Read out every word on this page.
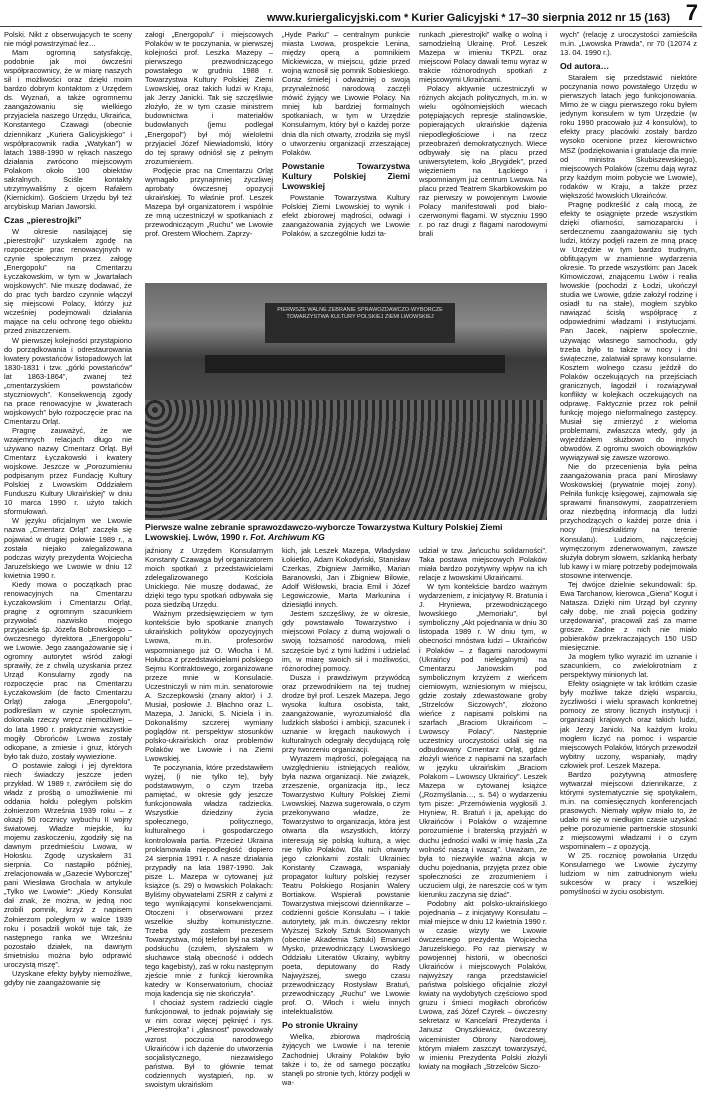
www.kuriergalicyjski.com * Kurier Galicyjski * 17–30 sierpnia 2012 nr 15 (163) 7

Polski. Nikt z obserwujących te sceny nie mógł powstrzymać łez…

Mam ogromną satysfakcję, podobnie jak moi ówcześni współpracownicy, że w miarę naszych sił i możliwości oraz dzięki moim bardzo dobrym kontaktom z Urzędem ds. Wyznań, a także ogromnemu zaangażowaniu się wielkiego przyjaciela naszego Urzędu, Ukraińca, Konstantego Czawagi (obecnie dziennikarz „Kuriera Galicyjskiego” i współpracownik radia „Watykan”) w latach 1988-1990 w rękach naszego działania zwrócono miejscowym Polakom około 100 obiektów sakralnych. Sciśle kontakty utrzymywaliśmy z ojcem Rafałem (Kiernickim). Gościem Urzędu był też arcybiskup Marian Jaworski.

Czas „pierestrojki”

W okresie nasilającej się „pierestrojki” uzyskałem zgodę na rozpoczęcie prac renowacyjnych w czynie społecznym przez załogę „Energopolu” na Cmentarzu Łyczakowskim, w tym w „kwartałach wojskowych”. Nie muszę dodawać, że do prac tych bardzo czynnie włączył się miejscowi Polacy, którzy już wcześniej podejmowali działania mające na celu ochronę tego obiektu przed zniszczeniem.

W pierwszej kolejności przystąpiono do porządkowania i odrestaurowania kwatery powstańców listopadowych lat 1830-1831 i tzw. „górki powstańców” lat 1863-1864”, zwanej też „cmentarzyskiem powstańców styczniowych”. Konsekwencją zgody na prace renowacyjne w „kwaterach wojskowych” było rozpoczęcie prac na Cmentarzu Orląt.

Pragnę zauważyć, że we wzajemnych relacjach długo nie używano nazwy Cmentarz Orląt. Był Cmentarz Łyczakowski i kwatery wojskowe. Jeszcze w „Porozumieniu podpisanym przez Fundację Kultury Polskiej z Lwowskim Oddziałem Funduszu Kultury Ukraińskiej” w dniu 10 marca 1990 r. użyto takich sformułowań.

W języku oficjalnym we Lwowie nazwa „Cmentarz Orląt” zaczęła się pojawiać w drugiej połowie 1989 r., a została niejako zalegalizowana podczas wizyty prezydenta Wojciecha Jaruzelskiego we Lwowie w dniu 12 kwietnia 1990 r.

Kiedy mowa o początkach prac renowacyjnych na Cmentarzu Łyczakowskim i Cmentarzu Orląt, pragnę z ogromnym szacunkiem przywołać nazwisko mojego przyjaciela śp. Józefa Bobrowskiego – ówczesnego dyrektora „Energopolu” we Lwowie. Jego zaangażowanie się i ogromny autorytet wśród załogi sprawiły, że z chwilą uzyskania przez Urząd Konsularny zgody na rozpoczęcie prac na Cmentarzu Łyczakowskim (de facto Cmentarzu Orląt) załoga „Energopolu”, podkreślam w czynie społecznym, dokonała rzeczy wręcz niemożliwej – do lata 1990 r. praktycznie wszystkie mogiły Obrońców Lwowa zostały odkopane, a zmiesie i gruz, których było tak dużo, zostały wywiezione.

O postawie załogi i jej dyrektora niech świadczy jeszcze jeden przykład. W 1989 r. zwróciłem się do władz z prośbą o umożliwienie mi oddania hołdu poległym polskim żołnierzom Września 1939 roku – z okazji 50 rocznicy wybuchu II wojny światowej. Władze miejskie, ku mojemu zaskoczeniu, zgodziły się na dawnym przedmieściu Lwowa, w Hołosku. Zgodę uzyskałem 31 sierpnia. Co nastąpiło później, zrelacjonowała w „Gazecie Wyborczej” pani Wiesława Grochala w artykule „Tylko we Lwowie”: „Kiedy Konsulat dał znak, że można, w jedną noc zrobili pomnik, krzyż z napisem Żołnierzom poległym w walce 1939 roku i posadzili wokół tuje tak, że następnego ranka we Wrześniu pozostało działek, na dawnym śmietnisku można było odprawić uroczystą mszę”.

Uzyskane efekty byłyby niemożliwe, gdyby nie zaangażowanie się

załogi „Energopolu” i miejscowych Polaków w te poczynania, w pierwszej kolejności prof. Leszka Mazepy – pierwszego prezwodniczącego powstałego w grudniu 1988 r. Towarzystwa Kultury Polskiej Ziemi Lwowskiej, oraz takich ludzi w Kraju, jak Jerzy Janicki. Tak się szczęśliwie złożyło, że w tym czasie ministrem budownictwa i materiałów budowlanych (jemu podlegał „Energopol”) był mój wieloletni przyjaciel Józef Niewiadomski, który do tej sprawy odniósł się z pełnym zrozumieniem.

Podjęcie prac na Cmentarzu Orląt wymagało przynajmniej życzliwej aprobaty ówczesnej opozycji ukraińskiej. To właśnie prof. Leszek Mazepa był organizatorem i wspólnie ze mną uczestniczył w spotkaniach z przewodniczącym „Ruchu” we Lwowie prof. Orestem Włochem. Zaprzy-

„Hyde Parku” – centralnym punkcie miasta Lwowa, prospekcie Lenina, między operą a pomnikiem Mickiewicza, w miejscu, gdzie przed wojną wznosił się pomnik Sobieskiego. Coraz śmielej i odważniej o swoją przynależność narodową zaczęli mówić żyjący we Lwowie Polacy. Na mniej lub bardziej formalnych spotkaniach, w tym w Urzędzie Konsularnym, który był o każdej porze dnia dla nich otwarty, zrodziła się myśl o utworzeniu organizacji zrzeszającej Polaków.

Powstanie Towarzystwa Kultury Polskiej Ziemi Lwowskiej

Powstanie Towarzystwa Kultury Polskiej Ziemi Lwowskiej to wynik i efekt zbiorowej mądrości, odwagi i zaangażowania żyjących we Lwowie Polaków, a szczególnie ludzi ta-

runkach „pierestrojki” walkę o wolną i samodzielną Ukrainę. Prof. Leszek Mazepa w imieniu TKPZL oraz miejscowi Polacy dawali temu wyraz w trakcie różnorodnych spotkań z miejscowymi Ukraińcami.

Polacy aktywnie uczestniczyli w różnych akcjach politycznych, m.in. w wielu ogólnomiejskich wiecach potępiających represje stalinowskie, popierających ukraińskie dążenia niepodległościowe i na rzecz przeobrażeń demokratycznych. Wiece odbywały się na placu przed uniwersytetem, koło „Brygidek”, przed więzieniem na Łąckiego i wspomnianym już centrum Lwowa. Na placu przed Teatrem Skarbkowskim po raz pierwszy w powojennym Lwowie Polacy manifestowali pod biało-czerwonymi flagami. W styczniu 1990 r. po raz drugi z flagami narodowymi brali

PIERWSZE WALNE ZEBRANIE SPRAWOZDAWCZO-WYBORCZE TOWARZYSTWA KULTURY POLSKIEJ ZIEMI LWOWSKIEJ
Pierwsze walne zebranie sprawozdawczo-wyborcze Towarzystwa Kultury Polskiej Ziemi Lwowskiej. Lwów, 1990 r. Fot. Archiwum KG

jaźniony z Urzędem Konsularnym Konstanty Czawaga był organizatorem moich spotkań z przedstawicielami zdelegalizowanego Kościoła Unickiego. Nie muszę dodawać, że dzięki tego typu spotkań odbywała się poza siedzibą Urzędu.

Ważnym przedsięwzięciem w tym kontekście było spotkanie znanych ukraińskich polityków opozycyjnych Lwowa, m.in. profesorów wspomnianego już O. Włocha i M. Hołubca z przedstawicielami polskiego Sejmu Kontraktowego, zorganizowane przeze mnie w Konsulacie. Uczestniczyli w nim m.in. senatorowie A. Szczepkowski (znany aktor) i J. Musiał, posłowie J. Błachno oraz L. Mazepa, J. Janicki, S. Niciela i in. Dokonaliśmy szczerej wymiany poglądów nt. perspektyw stosunków polsko-ukraińskich oraz problemów Polaków we Lwowie i na Ziemi Lwowskiej.

Te poczynania, które przedstawiłem wyżej, (i nie tylko te), były podstawowym, o czym trzeba pamiętać, w okresie gdy jeszcze funkcjonowała władza radziecka. Wszystkie dziedziny życia społecznego, politycznego, kulturalnego i gospodarczego kontrolowała partia. Przecież Ukraina proklamowała niepodległość dopiero 24 sierpnia 1991 r. A nasze działania przypadły na lata 1987-1990. Jak pisze L. Mazepa w cytowanej już książce (s. 29) o lwowskich Polakach: Byliśmy obywatelami ZSRR z całymi z tego wynikającymi konsekwencjami. Otoczeni i obserwowani przez wszelkie służby komunistyczne. Trzeba gdy zostałem prezesem Towarzystwa, mój telefon był na stałym podsłuchu (czułem, słyszałem w słuchawce stałą obecność i oddech tego kagebisty), zaś w roku następnym zjeście mnie z funkcji kierownika katedry w Konserwatorium, chociaż moja kadencja się nie skończyła”.

I chociaż system radziecki ciągle funkcjonował, to jednak pojawiały się w nim coraz więcej pęknięć i rys. „Pierestrojka” i „głasnost” powodowały wzrost poczucia narodowego Ukraińców i ich dążenie do utworzenia socjalistycznego, niezawisłego państwa. Był to głównie temat codziennych wystąpień, np. w swoistym ukraińskim

kich, jak Leszek Mazepa, Władysław Łokietko, Adam Kokodyński, Stanisław Czerkas, Zbigniew Jarmiłko, Marian Baranowski, Jan i Zbigniew Bilowie, Adolf Wiśłowski, bracia Emil i Józef Legowiczowie, Marta Markunina i dziesiątki innych.

Jestem szczęśliwy, że w okresie, gdy powstawało Towarzystwo i miejscowi Polacy z dumą wojowali o swoją tożsamość narodową, mieli szczęście być z tymi ludźmi i udzielać im, w miarę swoich sił i możliwości, różnorodnej pomocy.

Dusza i prawdziwym przywódcą oraz przewodnikiem na tej trudnej drodze był prof. Leszek Mazepa. Jego wysoka kultura osobista, takt, zaangażowanie, wyrozumiałość dla ludzkich słabości i ambicji, szacunek i uznanie w kręgach naukowych i kulturalnych odegrały decydującą rolę przy tworzeniu organizacji.

Wyrazem mądrości, polegającą na uwzględnieniu istniejących realiów, była nazwa organizacji. Nie związek, zrzeszenie, organizacja itp., lecz Towarzystwo Kultury Polskiej Ziemi Lwowskiej. Nazwa sugerowała, o czym przekonywano władze, że Towarzystwo to organizacja, która jest otwarta dla wszystkich, którzy interesują się polską kulturą, a więc nie tylko Polaków. Dla nich otwarty jego członkami zostali: Ukrainiec Konstanty Czawaga, wspaniały propagator kultury polskiej rezyser Teatru Polskiego Rosjanin Walery Bortiakow. Wspierali powstanie Towarzystwa miejscowi dziennikarze – codzienni goście Konsulatu – i takie autorytety, jak m.in. ówczesny rektor Wyższej Szkoły Sztuk Stosowanych (obecnie Akademia Sztuki) Emanuel Mysko, przewodniczący Lwowskiego Oddziału Literatów Ukrainy, wybitny poeta, deputowany do Rady Najwyższej, swego czasu przewodniczący Rostysław Bratuń, przewodniczący „Ruchu” we Lwowie prof. O. Włoch i wielu innych intelektualistów.

Po stronie Ukrainy

Wielka, zbiorowa mądrością żyjących we Lwowie i na terenie Zachodniej Ukrainy Polaków było także i to, że od samego początku stanęli po stronie tych, którzy podjęli w wa-

udział w tzw. „łańcuchu solidarności”. Taka postawa miejscowych Polaków miała bardzo pozytywny wpływ na ich relacje z lwowskimi Ukraińcami.

W tym kontekście bardzo ważnym wydarzeniem, z inicjatywy R. Bratunia i J. Hryniewa, przewodniczącego lwowskiego „Memoriału”, był symboliczny „Akt pojednania w dniu 30 listopada 1989 r. W dniu tym, w obecności mnóstwa ludzi – Ukraińców i Polaków – z flagami narodowymi (Ukraińcy pod nielegalnymi) na Cmentarzu Janowskim pod symbolicznym krzyżem z wieńcem cierniowym, wzniesionym w miejscu, gdzie zostały zdewastowane groby „Strzelców Siczowych”, złożono wieńce z napisami polskimi na szarfach „Braciom Ukraińcom – Lwowscy Polacy”. Następnie uczestnicy uroczystości udali się na odbudowany Cmentarz Orląt, gdzie złożyli wieńce z napisami na szarfach w języku ukraińskim „Braciom Polakom – Lwowscy Ukraińcy”. Leszek Mazepa w cytowanej książce („Rozmyślania…, s. 54) o wydarzeniu tym pisze: „Przemówienia wygłosili J. Hryniew, R. Bratuń i ja, apelując do Ukraińców i Polaków o wzajemne porozumienie i braterską przyjaźń w duchu jedności walki w imię hasła „Za wolność naszą i waszą”. Uważam, że była to niezwykle ważna akcja w duchu pojednania, przyjęta przez obie społeczności ze zrozumieniem i uczuciem ulgi, że nareszcie coś w tym kierunku zaczyna się dziać”.

Podobny akt polsko-ukraińskiego pojednania – z inicjatywy Konsulatu – miał miejsce w dniu 12 kwietnia 1990 r. w czasie wizyty we Lwowie ówczesnego prezydenta Wojciecha Jaruzelskiego. Po raz pierwszy w powojennej historii, w obecności Ukraińców i miejscowych Polaków, najwyższy ranga przedstawiciel państwa polskiego oficjalnie złożył kwiaty na wydobytych częściowo spod gruzu i śmieci mogiłach obrońców Lwowa, zaś Józef Czyrek – ówczesny sekretarz w Kancelarii Prezydenta i Janusz Onyszkiewicz, ówczesny wiceminister Obrony Narodowej, którym miałem zaszczyt towarzyszyć, w imieniu Prezydenta Polski złożyli kwiaty na mogiłach „Strzelców Siczo-

wych” (relację z uroczystości zamieściła m.in. „Lwowska Prawda”, nr 70 (12074 z 13. 04. 1990 r.).

Od autora…

Starałem się przedstawić niektóre poczynania nowo powstałego Urzędu w pierwszych latach jego funkcjonowania. Mimo że w ciągu pierwszego roku byłem jedynym konsulem w tym Urzędzie (w roku 1990 pracowało już 4 konsulów), to efekty pracy placówki zostały bardzo wysoko ocenione przez kierownictwo MSZ (podziękowania i gratulacje dla mnie od ministra Skubiszewskiego), miejscowych Polaków (czemu dają wyraz przy każdym moim pobycie we Lwowie), rodaków w Kraju, a także przez większość lwowskich Ukraińców.

Pragnę podkreślić z całą mocą, że efekty te osiągnięte przede wszystkim dzięki ofiarności, samozaparciu i serdecznemu zaangażowaniu się tych ludzi, którzy podjęli razem ze mną pracę w Urzędzie w tym bardzo trudnym, obfitującym w znamienne wydarzenia okresie. To przede wszystkim: pan Jacek Kimowiczowi, znającemu Lwów i realia lwowskie (pochodzi z Łodzi, ukończył studia we Lwowie, gdzie założył rodzinę i osiadł tu na stałe), mogłem szybko nawiązać ścisłą współpracę z odpowiednimi władzami i instytucjami. Pan Jacek, najpierw społecznie, używając własnego samochodu, gdy trzeba było to także w nocy i dni świąteczne, zalatwiał sprawy konsularne. Kosztem wolnego czasu jeździł do Polaków oczekujących na przejściach granicznych, łagodził i rozwiązywał konflikty w kolejkach oczekujących na odprawę. Faktycznie przez rok pełnił funkcję mojego nieformalnego zastępcy. Musiał się zmierzyć z wieloma problemami, zwłaszcza wtedy, gdy ja wyjeżdżałem służbowo do innych obwodów. Z ogromu swoich obowiązków wywiązywał się zawsze wzorowo.

Nie do przecenienia była pełna zaangażowania praca pani Mirosławy Woskowskiej (prywatnie mojej żony). Pełniła funkcję księgowej, zajmowała się sprawami finansowymi, zaopatrzeniem oraz niezbędną informacją dla ludzi przychodzących o każdej porze dnia i nocy (mieszkaliśmy na terenie Konsulatu). Ludziom, najczęściej wymęczonym zdenerwowanym, zawsze służyła dobrym słowem, szklanką herbaty lub kawy i w miarę potrzeby podejmowała stosowne interwencje.

Tej dwójce dzielnie sekundowali: śp. Ewa Tarchanow, kierowca „Giena” Kogut i Natasza. Dzięki nim Urząd był czynny cały dobę, nie znali pojęcia godziny urzędowania”, pracowali zaś za marne grosze. Żadne z nich nie miało pobieraków przekraczających 150 USD miesięcznie.

Ja mogłem tylko wyrazić im uznanie i szacunkiem, co zwielokrotniam z perspektywy minionych lat.

Efekty osiągnięte w tak krótkim czasie były możliwe także dzięki wsparciu, życzliwości i wielu sprawach konkretnej pomocy ze strony licznych instytucji i organizacji krajowych oraz takich ludzi, jak Jerzy Janicki. Na każdym kroku mogłem liczyć na pomoc i wsparcie miejscowych Polaków, których przewodził wybitny uczony, wspaniały, mądry człowiek prof. Leszek Mazepa.

Bardzo pozytywną atmosferę wytwarzał miejscowi dziennikarze, z którymi systematycznie się spotykałem, m.in. na comiesięcznych konferencjach prasowych. Niemały wpływ miało to, że udało mi się w niedługim czasie uzyskać pełne porozumienie partnerskie stosunki z miejscowymi władzami i o czym wspominałem – z opozycją.

W 25. rocznicę powołania Urzędu Konsularnego we Lwowie życzymy ludziom w nim zatrudnionym wielu sukcesów w pracy i wszelkiej pomyślności w życiu osobistym.
